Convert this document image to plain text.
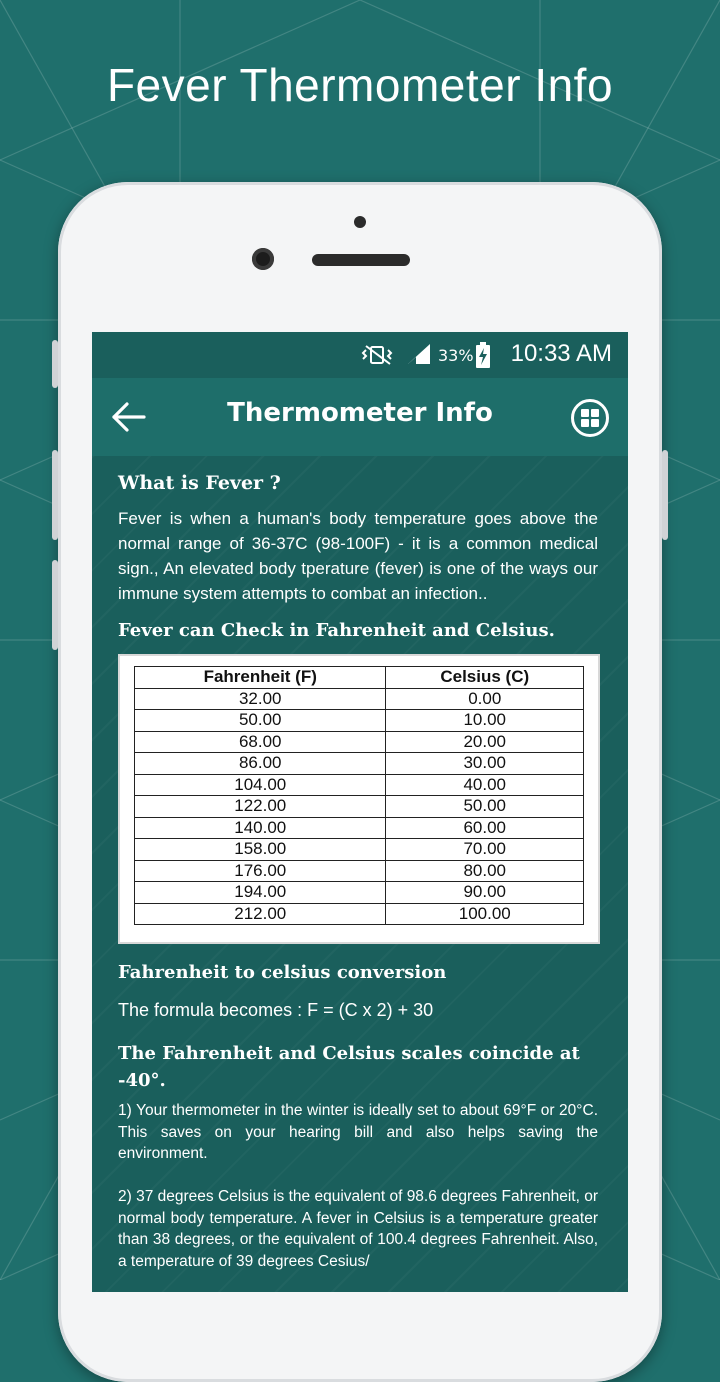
Fever Thermometer Info
33% 10:33 AM
Thermometer Info
What is Fever ?
Fever is when a human's body temperature goes above the normal range of 36-37C (98-100F) - it is a common medical sign., An elevated body tperature (fever) is one of the ways our immune system attempts to combat an infection..
Fever can Check in Fahrenheit and Celsius.
Fahrenheit (F)	Celsius (C)
32.00	0.00
50.00	10.00
68.00	20.00
86.00	30.00
104.00	40.00
122.00	50.00
140.00	60.00
158.00	70.00
176.00	80.00
194.00	90.00
212.00	100.00
Fahrenheit to celsius conversion
The formula becomes : F = (C x 2) + 30
The Fahrenheit and Celsius scales coincide at -40°.
1) Your thermometer in the winter is ideally set to about 69°F or 20°C. This saves on your hearing bill and also helps saving the environment.
2) 37 degrees Celsius is the equivalent of 98.6 degrees Fahrenheit, or normal body temperature. A fever in Celsius is a temperature greater than 38 degrees, or the equivalent of 100.4 degrees Fahrenheit. Also, a temperature of 39 degrees Cesius/
